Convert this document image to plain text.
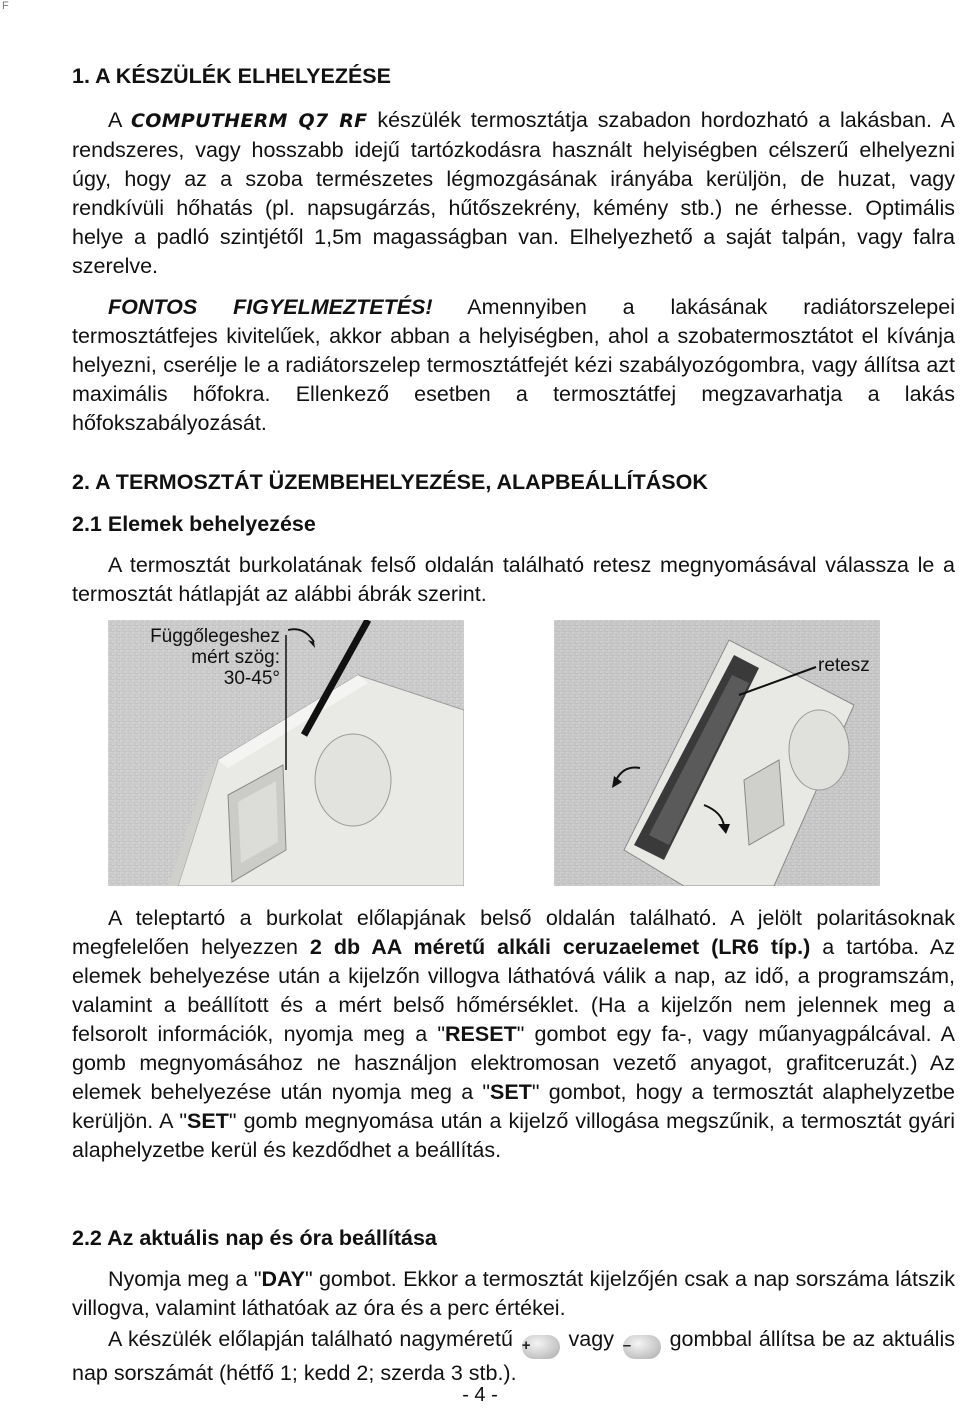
F
1. A KÉSZÜLÉK ELHELYEZÉSE
A COMPUTHERM Q7 RF készülék termosztátja szabadon hordozható a lakásban. A rendszeres, vagy hosszabb idejű tartózkodásra használt helyiségben célszerű elhelyezni úgy, hogy az a szoba természetes légmozgásának irányába kerüljön, de huzat, vagy rendkívüli hőhatás (pl. napsugárzás, hűtőszekrény, kémény stb.) ne érhesse. Optimális helye a padló szintjétől 1,5m magasságban van. Elhelyezhető a saját talpán, vagy falra szerelve.
FONTOS FIGYELMEZTETÉS! Amennyiben a lakásának radiátorszelepei termosztátfejes kivitelűek, akkor abban a helyiségben, ahol a szobatermosztátot el kívánja helyezni, cserélje le a radiátorszelep termosztátfejét kézi szabályozógombra, vagy állítsa azt maximális hőfokra. Ellenkező esetben a termosztátfej megzavarhatja a lakás hőfokszabályozását.
2. A TERMOSZTÁT ÜZEMBEHELYEZÉSE, ALAPBEÁLLÍTÁSOK
2.1 Elemek behelyezése
A termosztát burkolatának felső oldalán található retesz megnyomásával válassza le a termosztát hátlapját az alábbi ábrák szerint.
Függőlegeshez
mért szög:
30-45°
retesz
A teleptartó a burkolat előlapjának belső oldalán található. A jelölt polaritásoknak megfelelően helyezzen 2 db AA méretű alkáli ceruzaelemet (LR6 típ.) a tartóba. Az elemek behelyezése után a kijelzőn villogva láthatóvá válik a nap, az idő, a programszám, valamint a beállított és a mért belső hőmérséklet. (Ha a kijelzőn nem jelennek meg a felsorolt információk, nyomja meg a "RESET" gombot egy fa-, vagy műanyagpálcával. A gomb megnyomásához ne használjon elektromosan vezető anyagot, grafitceruzát.) Az elemek behelyezése után nyomja meg a "SET" gombot, hogy a termosztát alaphelyzetbe kerüljön. A "SET" gomb megnyomása után a kijelző villogása megszűnik, a termosztát gyári alaphelyzetbe kerül és kezdődhet a beállítás.
2.2 Az aktuális nap és óra beállítása
Nyomja meg a "DAY" gombot. Ekkor a termosztát kijelzőjén csak a nap sorszáma látszik villogva, valamint láthatóak az óra és a perc értékei.
A készülék előlapján található nagyméretű + vagy – gombbal állítsa be az aktuális nap sorszámát (hétfő 1; kedd 2; szerda 3 stb.).
- 4 -
